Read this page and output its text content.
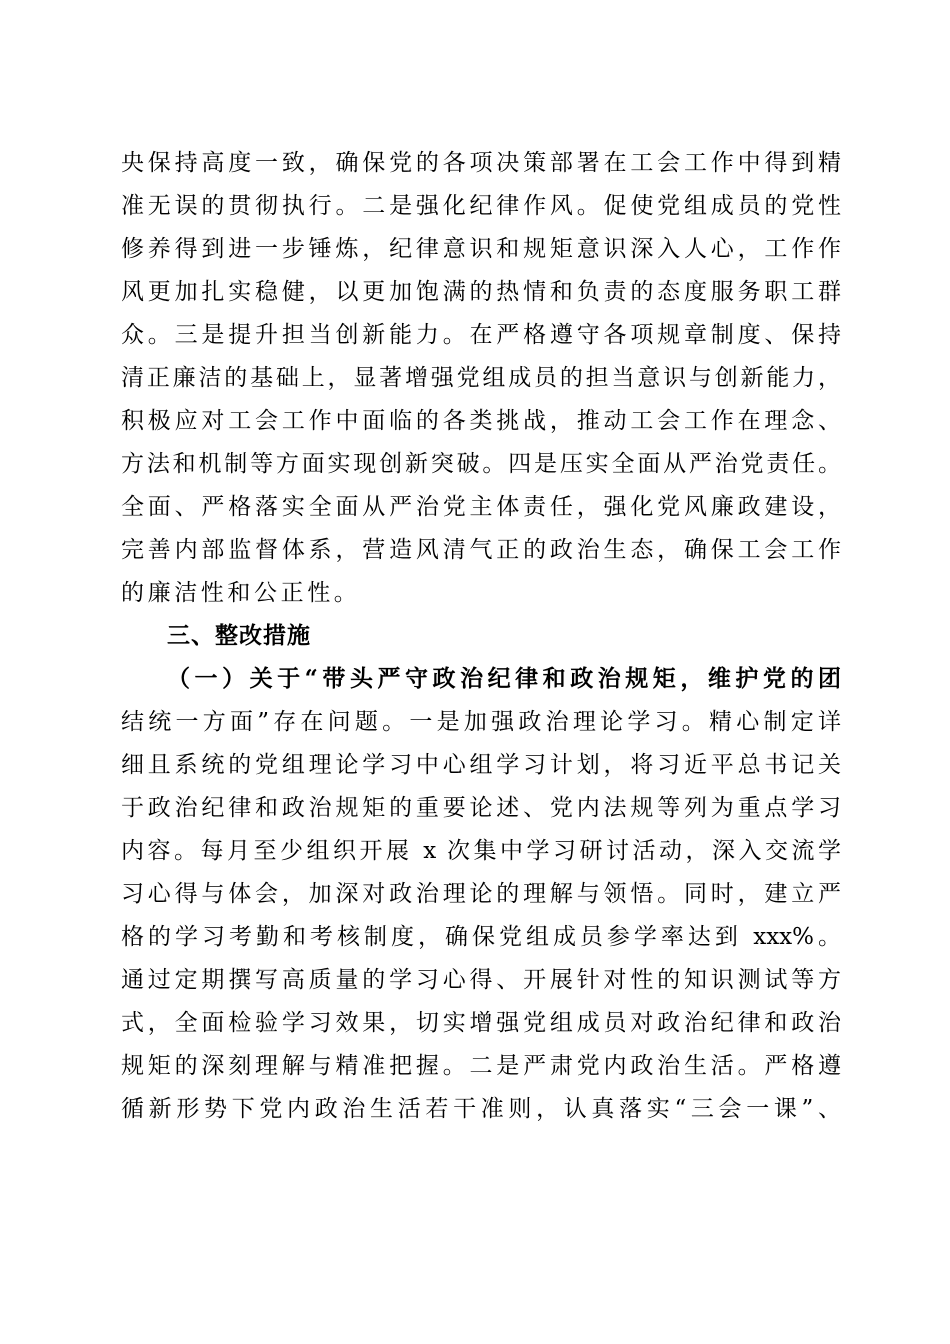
央保持高度一致，确保党的各项决策部署在工会工作中得到精
准无误的贯彻执行。二是强化纪律作风。促使党组成员的党性
修养得到进一步锤炼，纪律意识和规矩意识深入人心，工作作
风更加扎实稳健，以更加饱满的热情和负责的态度服务职工群
众。三是提升担当创新能力。在严格遵守各项规章制度、保持
清正廉洁的基础上，显著增强党组成员的担当意识与创新能力，
积极应对工会工作中面临的各类挑战，推动工会工作在理念、
方法和机制等方面实现创新突破。四是压实全面从严治党责任。
全面、严格落实全面从严治党主体责任，强化党风廉政建设，
完善内部监督体系，营造风清气正的政治生态，确保工会工作
的廉洁性和公正性。
三、整改措施
（一）关于“带头严守政治纪律和政治规矩，维护党的团
结统一方面”存在问题。一是加强政治理论学习。精心制定详
细且系统的党组理论学习中心组学习计划，将习近平总书记关
于政治纪律和政治规矩的重要论述、党内法规等列为重点学习
内容。每月至少组织开展 x 次集中学习研讨活动，深入交流学
习心得与体会，加深对政治理论的理解与领悟。同时，建立严
格的学习考勤和考核制度，确保党组成员参学率达到 xxx%。
通过定期撰写高质量的学习心得、开展针对性的知识测试等方
式，全面检验学习效果，切实增强党组成员对政治纪律和政治
规矩的深刻理解与精准把握。二是严肃党内政治生活。严格遵
循新形势下党内政治生活若干准则，认真落实“三会一课”、
